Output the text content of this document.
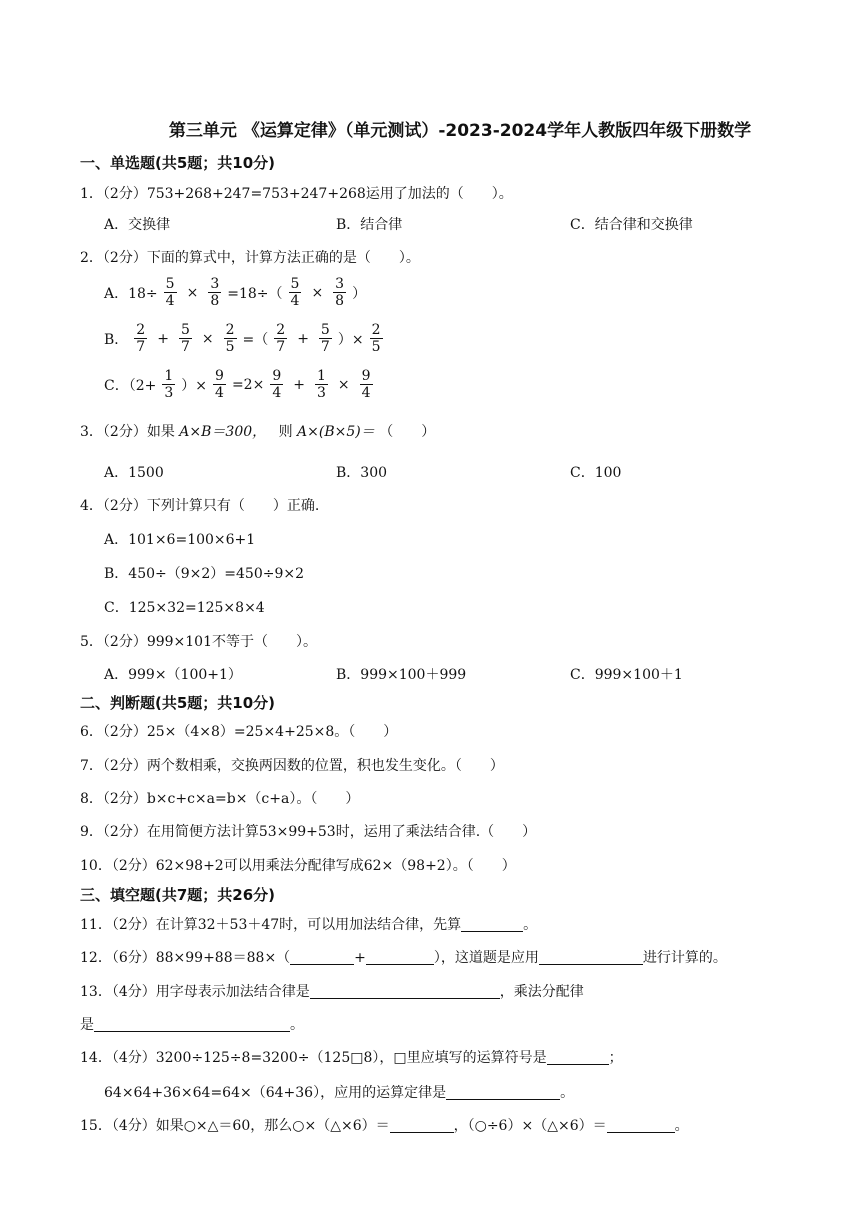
第三单元 《运算定律》（单元测试）-2023-2024学年人教版四年级下册数学
一、单选题(共5题；共10分)
1．（2分）753+268+247=753+247+268运用了加法的（　　）。
A．交换律	B．结合律	C．结合律和交换律
2．（2分）下面的算式中，计算方法正确的是（　　）。
A．$18\div \frac{5}{4} \times \frac{3}{8} =18\div( \frac{5}{4} \times \frac{3}{8}$ ）
B． $\frac{2}{7} + \frac{5}{7} \times \frac{2}{5}$ =（ $\frac{2}{7} + \frac{5}{7}$ ）× $\frac{2}{5}$
C．（$2+ \frac{1}{3}$ ）× $\frac{9}{4} =2\times \frac{9}{4} + \frac{1}{3} \times \frac{9}{4}$
3．（2分）如果 A×B＝300， 则 A×(B×5)＝ （　　）
A．1500	B．300	C．100
4．（2分）下列计算只有（　　）正确.
A．101×6=100×6+1
B．450÷（9×2）=450÷9×2
C．125×32=125×8×4
5．（2分）999×101不等于（　　）。
A．999×（100+1）	B．999×100＋999	C．999×100＋1
二、判断题(共5题；共10分)
6．（2分）25×（4×8）=25×4+25×8。（　　）
7．（2分）两个数相乘，交换两因数的位置，积也发生变化。（　　）
8．（2分）b×c+c×a=b×（c+a）。（　　）
9．（2分）在用简便方法计算53×99+53时，运用了乘法结合律.（　　）
10．（2分）62×98+2可以用乘法分配律写成62×（98+2）。（　　）
三、填空题(共7题；共26分)
11．（2分）在计算32＋53＋47时，可以用加法结合律，先算	。
12．（6分）88×99+88＝88×（	+	），这道题是应用	进行计算的。
13．（4分）用字母表示加法结合律是	，乘法分配律
是	。
14．（4分）3200÷125÷8=3200÷（125□8），□里应填写的运算符号是	；
64×64+36×64=64×（64+36），应用的运算定律是	。
15．（4分）如果○×△＝60，那么○×（△×6）＝	，（○÷6）×（△×6）＝	。
